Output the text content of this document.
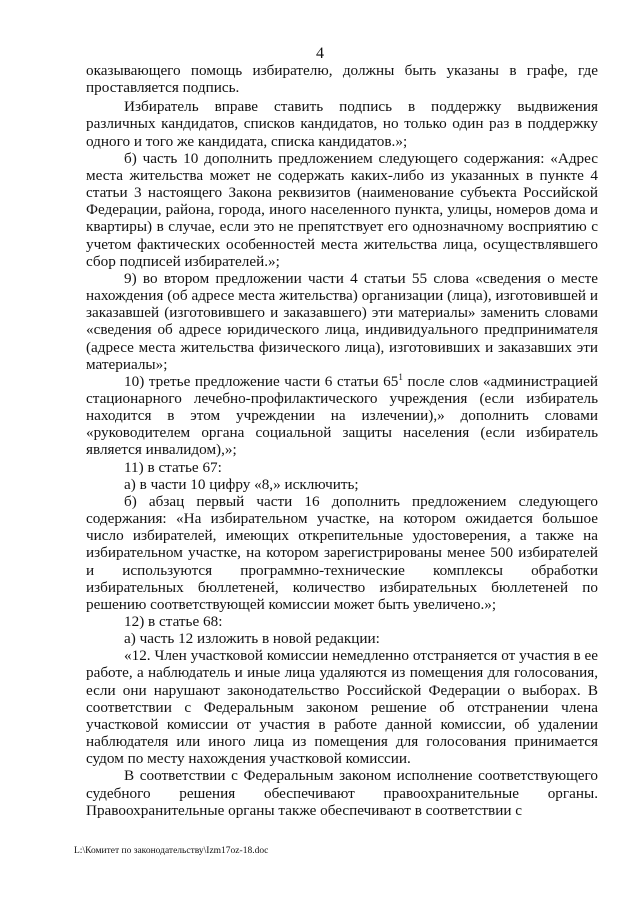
4

оказывающего помощь избирателю, должны быть указаны в графе, где проставляется подпись.

Избиратель вправе ставить подпись в поддержку выдвижения различных кандидатов, списков кандидатов, но только один раз в поддержку одного и того же кандидата, списка кандидатов.»;

б) часть 10 дополнить предложением следующего содержания: «Адрес места жительства может не содержать каких-либо из указанных в пункте 4 статьи 3 настоящего Закона реквизитов (наименование субъекта Российской Федерации, района, города, иного населенного пункта, улицы, номеров дома и квартиры) в случае, если это не препятствует его однозначному восприятию с учетом фактических особенностей места жительства лица, осуществлявшего сбор подписей избирателей.»;

9) во втором предложении части 4 статьи 55 слова «сведения о месте нахождения (об адресе места жительства) организации (лица), изготовившей и заказавшей (изготовившего и заказавшего) эти материалы» заменить словами «сведения об адресе юридического лица, индивидуального предпринимателя (адресе места жительства физического лица), изготовивших и заказавших эти материалы»;

10) третье предложение части 6 статьи $65^1$ после слов «администрацией стационарного лечебно-профилактического учреждения (если избиратель находится в этом учреждении на излечении),» дополнить словами «руководителем органа социальной защиты населения (если избиратель является инвалидом),»;

11) в статье 67:

а) в части 10 цифру «8,» исключить;

б) абзац первый части 16 дополнить предложением следующего содержания: «На избирательном участке, на котором ожидается большое число избирателей, имеющих открепительные удостоверения, а также на избирательном участке, на котором зарегистрированы менее 500 избирателей и используются программно-технические комплексы обработки избирательных бюллетеней, количество избирательных бюллетеней по решению соответствующей комиссии может быть увеличено.»;

12) в статье 68:

а) часть 12 изложить в новой редакции:

«12. Член участковой комиссии немедленно отстраняется от участия в ее работе, а наблюдатель и иные лица удаляются из помещения для голосования, если они нарушают законодательство Российской Федерации о выборах. В соответствии с Федеральным законом решение об отстранении члена участковой комиссии от участия в работе данной комиссии, об удалении наблюдателя или иного лица из помещения для голосования принимается судом по месту нахождения участковой комиссии.

В соответствии с Федеральным законом исполнение соответствующего судебного решения обеспечивают правоохранительные органы. Правоохранительные органы также обеспечивают в соответствии с

L:\Комитет по законодательству\Izm17oz-18.doc
